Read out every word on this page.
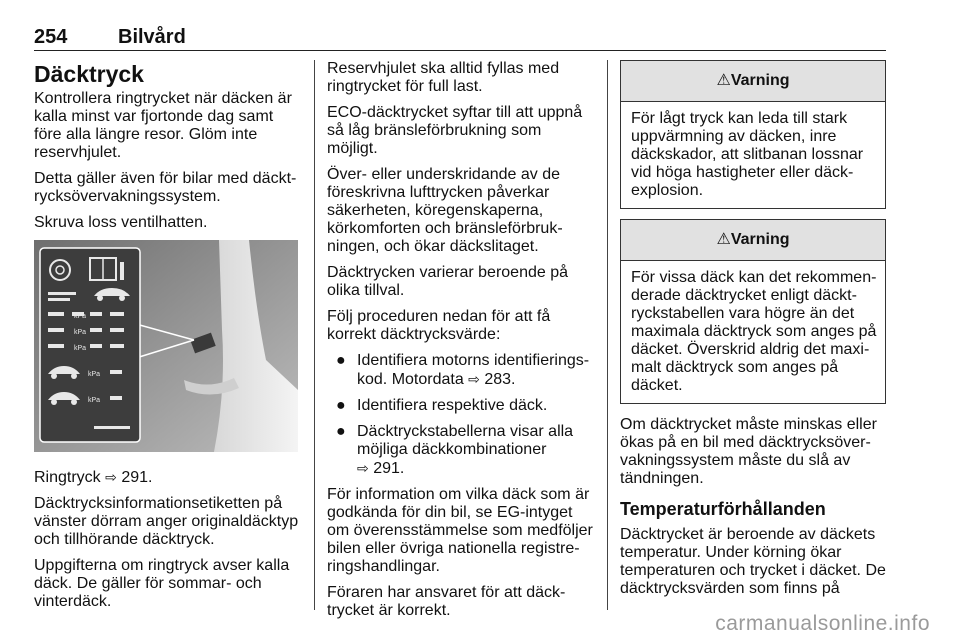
254	Bilvård
Däcktryck

Kontrollera ringtrycket när däcken är kalla minst var fjortonde dag samt före alla längre resor. Glöm inte reservhjulet.

Detta gäller även för bilar med däcktrycksövervakningssystem.

Skruva loss ventilhatten.

kPa
kPa
kPa
kPa
kPa

Ringtryck ⇨ 291.

Däcktrycksinformationsetiketten på vänster dörram anger originaldäcktyp och tillhörande däcktryck.

Uppgifterna om ringtryck avser kalla däck. De gäller för sommar- och vinterdäck.

Reservhjulet ska alltid fyllas med ringtrycket för full last.

ECO-däcktrycket syftar till att uppnå så låg bränsleförbrukning som möjligt.

Över- eller underskridande av de föreskrivna lufttrycken påverkar säkerheten, köregenskaperna, körkomforten och bränsleförbrukningen, och ökar däckslitaget.

Däcktrycken varierar beroende på olika tillval.

Följ proceduren nedan för att få korrekt däcktrycksvärde:

● Identifiera motorns identifieringskod. Motordata ⇨ 283.
● Identifiera respektive däck.
● Däcktryckstabellerna visar alla möjliga däckkombinationer
⇨ 291.

För information om vilka däck som är godkända för din bil, se EG-intyget om överensstämmelse som medföljer bilen eller övriga nationella registreringshandlingar.

Föraren har ansvaret för att däcktrycket är korrekt.

⚠Varning
För lågt tryck kan leda till stark uppvärmning av däcken, inre däckskador, att slitbanan lossnar vid höga hastigheter eller däckexplosion.
⚠Varning
För vissa däck kan det rekommenderade däcktrycket enligt däcktryckstabellen vara högre än det maximala däcktryck som anges på däcket. Överskrid aldrig det maximalt däcktryck som anges på däcket.

Om däcktrycket måste minskas eller ökas på en bil med däcktrycksövervakningssystem måste du slå av tändningen.

Temperaturförhållanden

Däcktrycket är beroende av däckets temperatur. Under körning ökar temperaturen och trycket i däcket. De däcktrycksvärden som finns på

carmanualsonline.info
